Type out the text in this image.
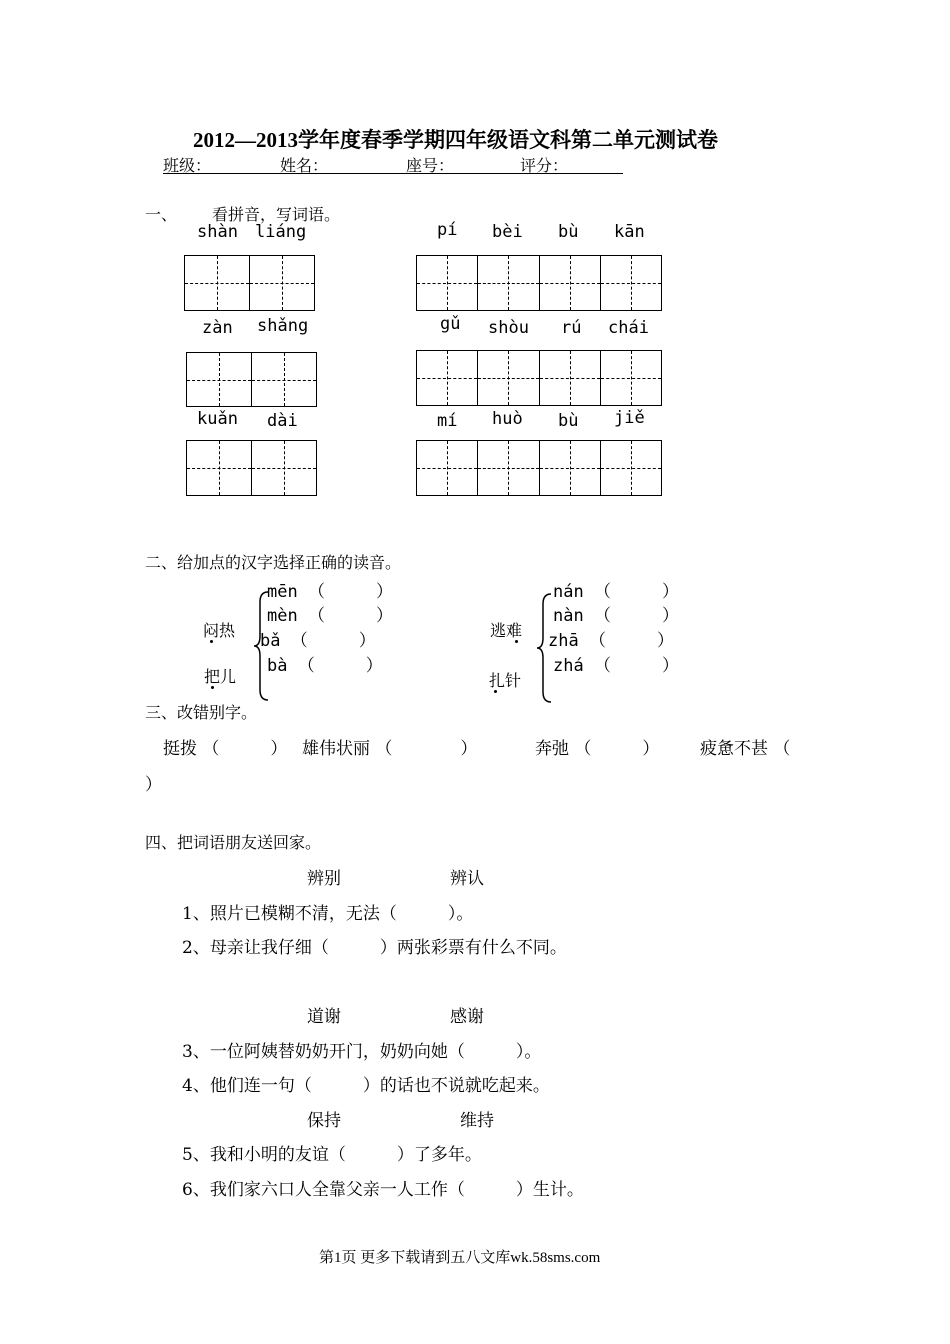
2012—2013学年度春季学期四年级语文科第二单元测试卷
班级：	姓名：	座号：	评分：
一、 看拼音，写词语。
shàn liáng	pí bèi bù kān
zàn shǎng	gǔ shòu rú chái
kuǎn dài	mí huò bù jiě
二、给加点的汉字选择正确的读音。
闷热
把儿
mēn （　　　）
mèn （　　　）
bǎ （　　　）
bà （　　　）
逃难
扎针
nán （　　　）
nàn （　　　）
zhā （　　　）
zhá （　　　）
三、改错别字。
挺拨 （　　　） 雄伟状丽 （　　　　）	奔弛 （　　　） 疲惫不甚 （
）
四、把词语朋友送回家。
辨别	辨认
1、照片已模糊不清，无法（　　　）。
2、母亲让我仔细（　　　）两张彩票有什么不同。
道谢	感谢
3、一位阿姨替奶奶开门，奶奶向她（　　　）。
4、他们连一句（　　　）的话也不说就吃起来。
保持	维持
5、我和小明的友谊（　　　）了多年。
6、我们家六口人全靠父亲一人工作（　　　）生计。
第1页 更多下载请到五八文库wk.58sms.com
